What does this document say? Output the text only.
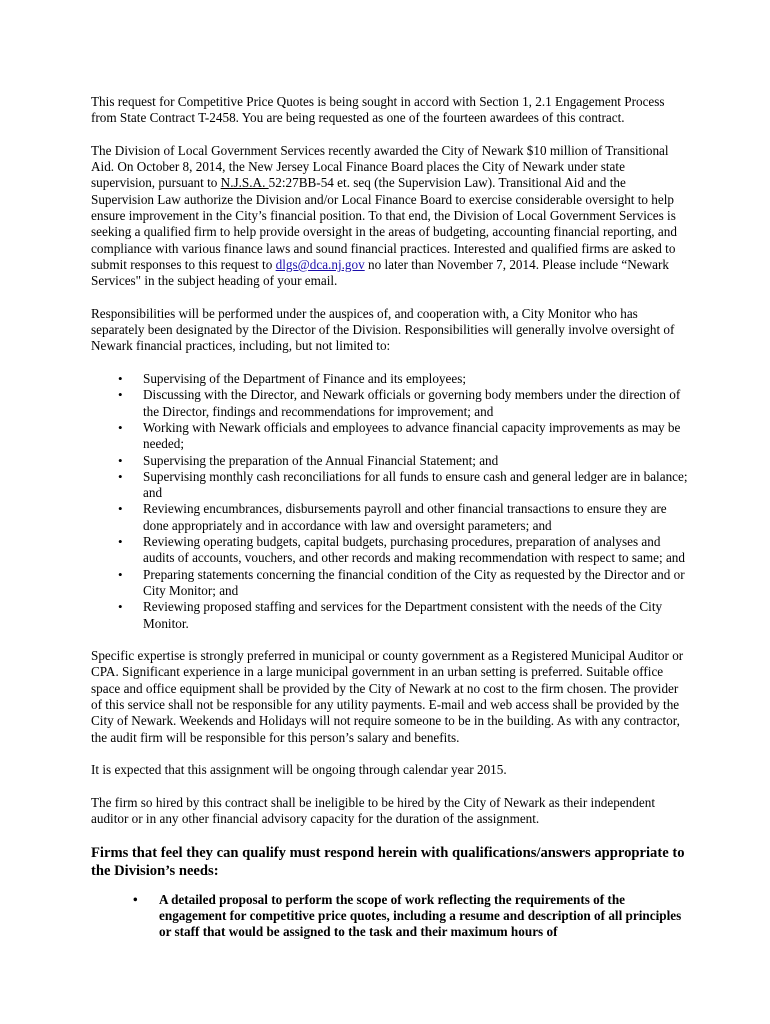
This request for Competitive Price Quotes is being sought in accord with Section 1, 2.1 Engagement Process from State Contract T-2458. You are being requested as one of the fourteen awardees of this contract.

The Division of Local Government Services recently awarded the City of Newark $10 million of Transitional Aid. On October 8, 2014, the New Jersey Local Finance Board places the City of Newark under state supervision, pursuant to N.J.S.A. 52:27BB-54 et. seq (the Supervision Law). Transitional Aid and the Supervision Law authorize the Division and/or Local Finance Board to exercise considerable oversight to help ensure improvement in the City’s financial position. To that end, the Division of Local Government Services is seeking a qualified firm to help provide oversight in the areas of budgeting, accounting financial reporting, and compliance with various finance laws and sound financial practices. Interested and qualified firms are asked to submit responses to this request to dlgs@dca.nj.gov no later than November 7, 2014. Please include “Newark Services" in the subject heading of your email.

Responsibilities will be performed under the auspices of, and cooperation with, a City Monitor who has separately been designated by the Director of the Division. Responsibilities will generally involve oversight of Newark financial practices, including, but not limited to:

• Supervising of the Department of Finance and its employees;
• Discussing with the Director, and Newark officials or governing body members under the direction of the Director, findings and recommendations for improvement; and
• Working with Newark officials and employees to advance financial capacity improvements as may be needed;
• Supervising the preparation of the Annual Financial Statement; and
• Supervising monthly cash reconciliations for all funds to ensure cash and general ledger are in balance; and
• Reviewing encumbrances, disbursements payroll and other financial transactions to ensure they are done appropriately and in accordance with law and oversight parameters; and
• Reviewing operating budgets, capital budgets, purchasing procedures, preparation of analyses and audits of accounts, vouchers, and other records and making recommendation with respect to same; and
• Preparing statements concerning the financial condition of the City as requested by the Director and or City Monitor; and
• Reviewing proposed staffing and services for the Department consistent with the needs of the City Monitor.

Specific expertise is strongly preferred in municipal or county government as a Registered Municipal Auditor or CPA. Significant experience in a large municipal government in an urban setting is preferred. Suitable office space and office equipment shall be provided by the City of Newark at no cost to the firm chosen. The provider of this service shall not be responsible for any utility payments. E-mail and web access shall be provided by the City of Newark. Weekends and Holidays will not require someone to be in the building. As with any contractor, the audit firm will be responsible for this person’s salary and benefits.

It is expected that this assignment will be ongoing through calendar year 2015.

The firm so hired by this contract shall be ineligible to be hired by the City of Newark as their independent auditor or in any other financial advisory capacity for the duration of the assignment.

Firms that feel they can qualify must respond herein with qualifications/answers appropriate to the Division’s needs:
• A detailed proposal to perform the scope of work reflecting the requirements of the engagement for competitive price quotes, including a resume and description of all principles or staff that would be assigned to the task and their maximum hours of
